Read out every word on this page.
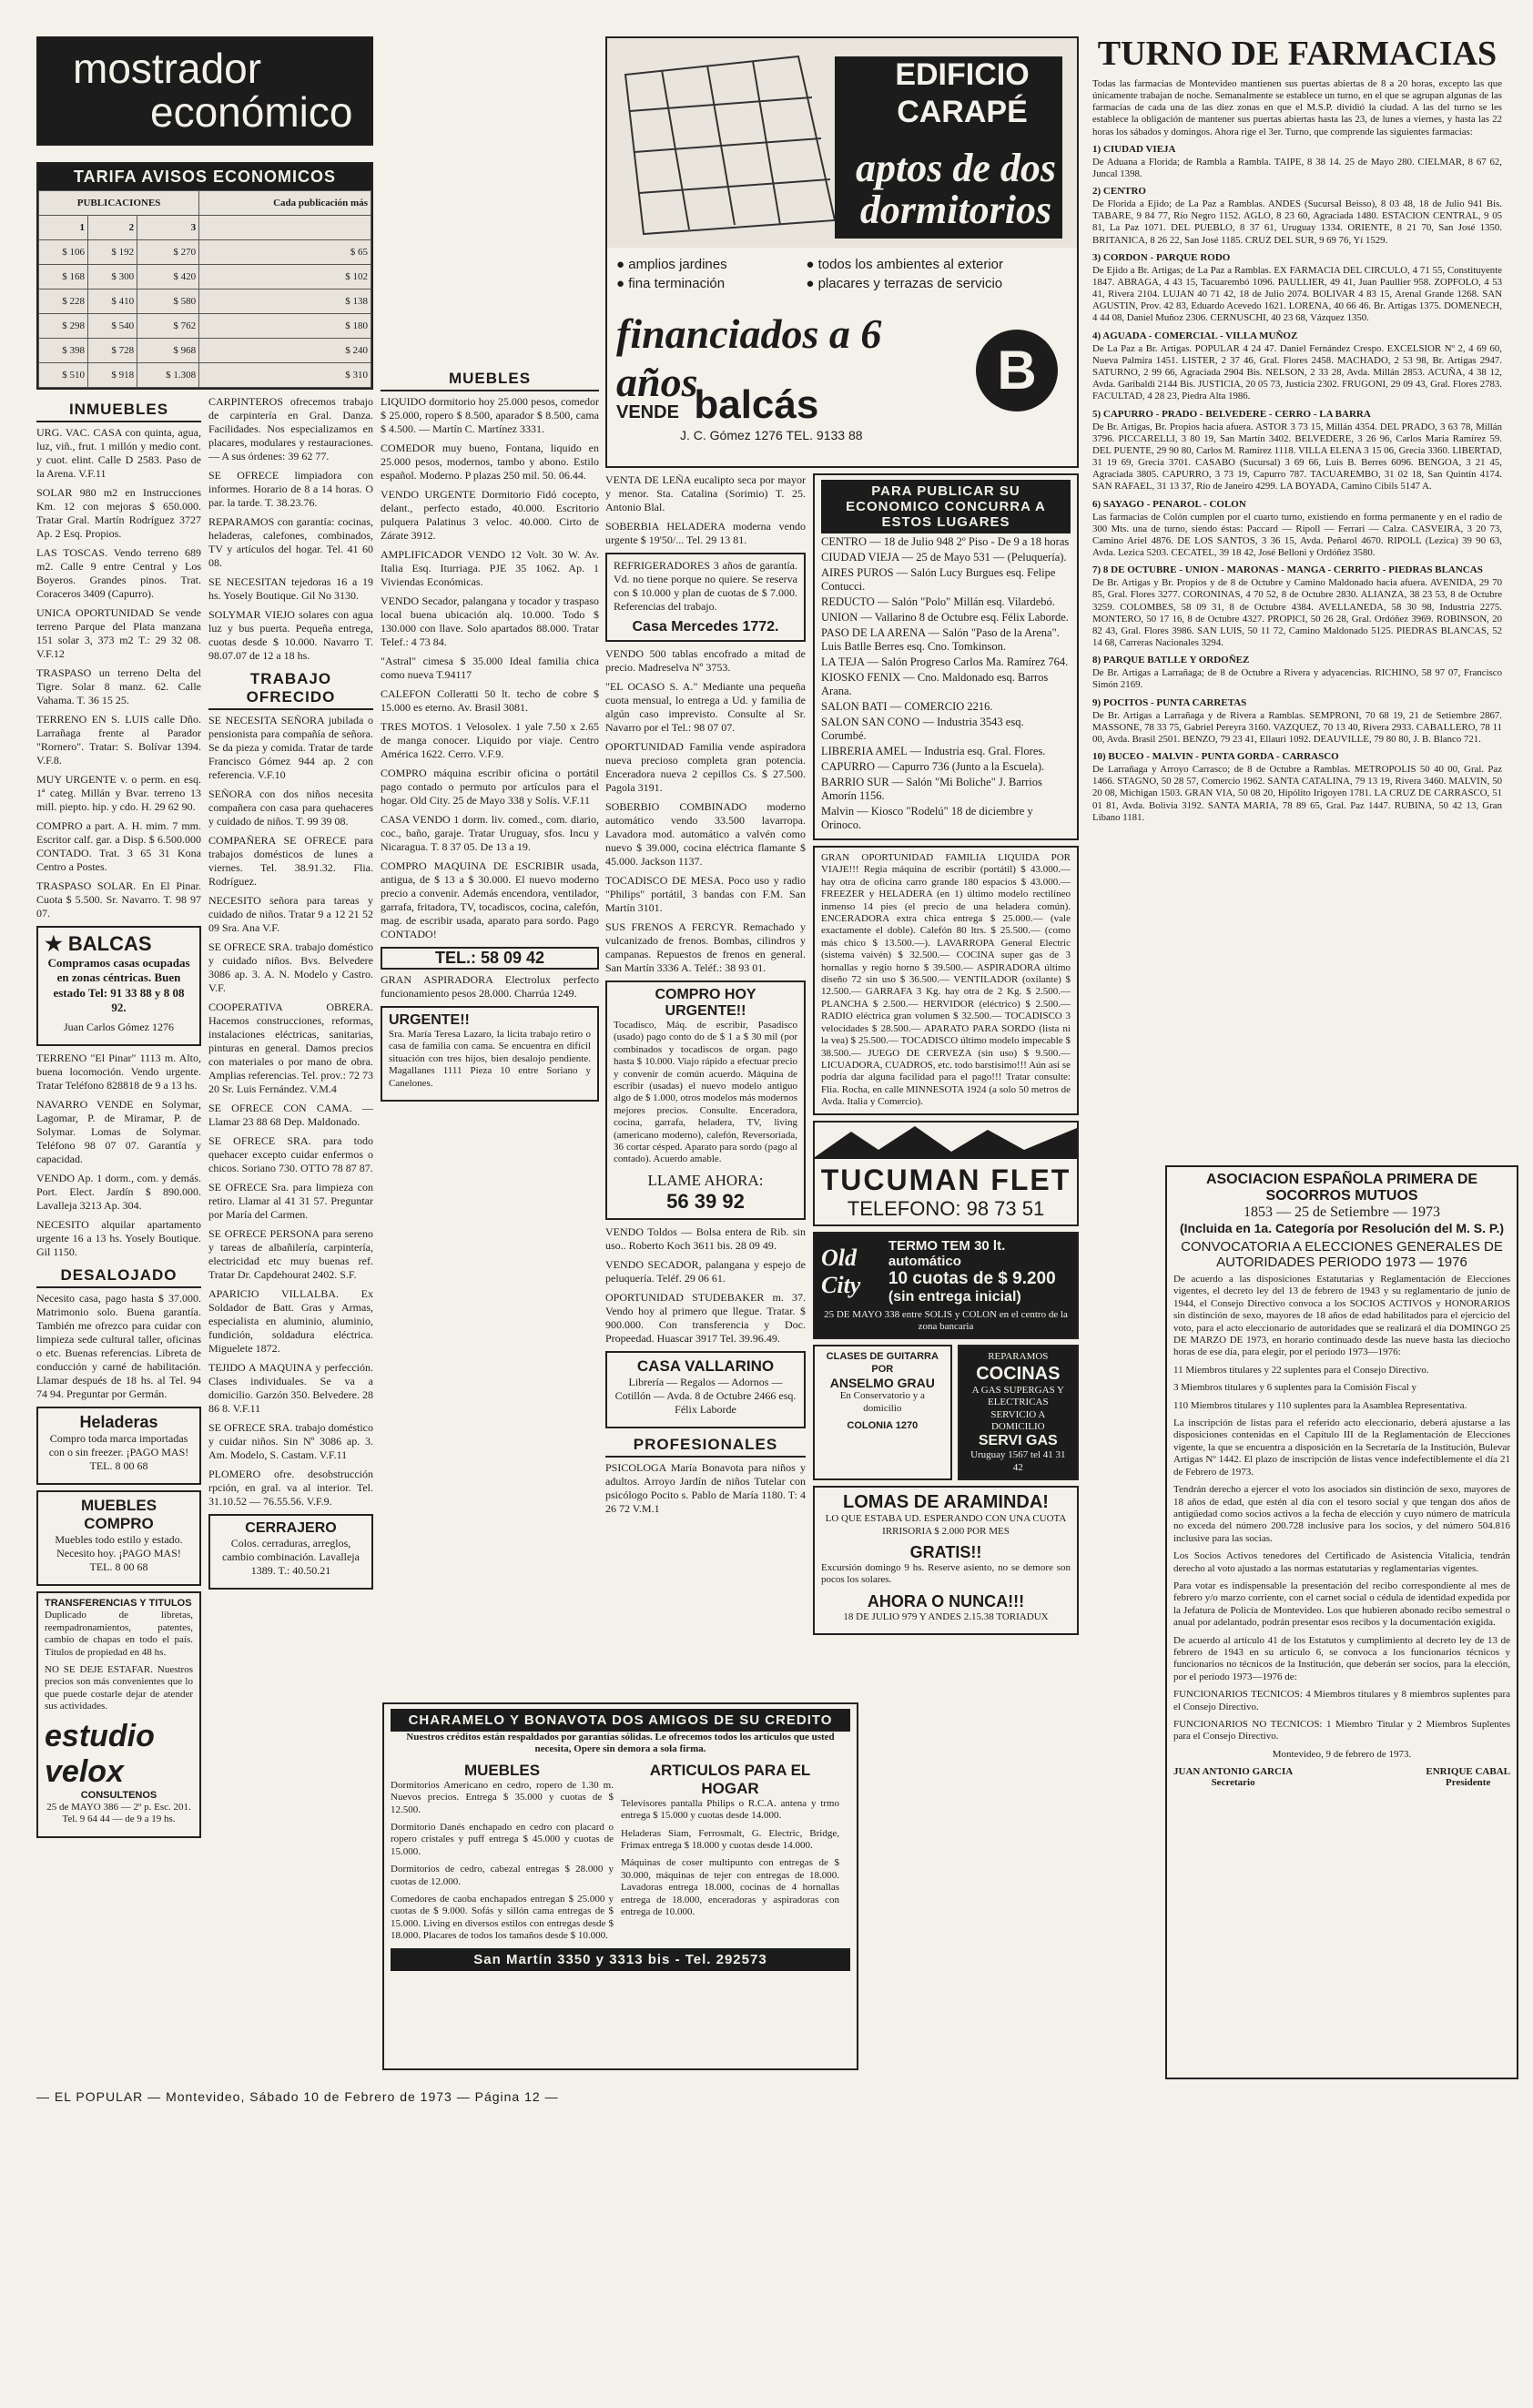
mostrador
económico
TARIFA AVISOS ECONOMICOS
PUBLICACIONES			Cada publicación más
1	2	3	
$ 106	$ 192	$ 270	$ 65
$ 168	$ 300	$ 420	$ 102
$ 228	$ 410	$ 580	$ 138
$ 298	$ 540	$ 762	$ 180
$ 398	$ 728	$ 968	$ 240
$ 510	$ 918	$ 1.308	$ 310
INMUEBLES

URG. VAC. CASA con quinta, agua, luz, viñ., frut. 1 millón y medio cont. y cuot. elint. Calle D 2583. Paso de la Arena. V.F.11

SOLAR 980 m2 en Instrucciones Km. 12 con mejoras $ 650.000. Tratar Gral. Martín Rodríguez 3727 Ap. 2 Esq. Propios.

LAS TOSCAS. Vendo terreno 689 m2. Calle 9 entre Central y Los Boyeros. Grandes pinos. Trat. Coraceros 3409 (Capurro).

UNICA OPORTUNIDAD Se vende terreno Parque del Plata manzana 151 solar 3, 373 m2 T.: 29 32 08. V.F.12

TRASPASO un terreno Delta del Tigre. Solar 8 manz. 62. Calle Vahama. T. 36 15 25.

TERRENO EN S. LUIS calle Dño. Larrañaga frente al Parador "Rornero". Tratar: S. Bolívar 1394. V.F.8.

MUY URGENTE v. o perm. en esq. 1ª categ. Millán y Bvar. terreno 13 mill. piepto. hip. y cdo. H. 29 62 90.

COMPRO a part. A. H. mim. 7 mm. Escritor calf. gar. a Disp. $ 6.500.000 CONTADO. Trat. 3 65 31 Kona Centro a Postes.

TRASPASO SOLAR. En El Pinar. Cuota $ 5.500. Sr. Navarro. T. 98 97 07.

★ BALCAS

Compramos casas ocupadas en zonas céntricas. Buen estado Tel: 91 33 88 y 8 08 92.

Juan Carlos Gómez 1276

TERRENO "El Pinar" 1113 m. Alto, buena locomoción. Vendo urgente. Tratar Teléfono 828818 de 9 a 13 hs.

NAVARRO VENDE en Solymar, Lagomar, P. de Miramar, P. de Solymar. Lomas de Solymar. Teléfono 98 07 07. Garantía y capacidad.

VENDO Ap. 1 dorm., com. y demás. Port. Elect. Jardín $ 890.000. Lavalleja 3213 Ap. 304.

NECESITO alquilar apartamento urgente 16 a 13 hs. Yosely Boutique. Gil 1150.

DESALOJADO

Necesito casa, pago hasta $ 37.000. Matrimonio solo. Buena garantía. También me ofrezco para cuidar con limpieza sede cultural taller, oficinas o etc. Buenas referencias. Libreta de conducción y carné de habilitación. Llamar después de 18 hs. al Tel. 94 74 94. Preguntar por Germán.

Heladeras

Compro toda marca importadas con o sin freezer. ¡PAGO MAS! TEL. 8 00 68

MUEBLES COMPRO

Muebles todo estilo y estado. Necesito hoy. ¡PAGO MAS! TEL. 8 00 68

TRANSFERENCIAS Y TITULOS

Duplicado de libretas, reempadronamientos, patentes, cambio de chapas en todo el país. Títulos de propiedad en 48 hs.

NO SE DEJE ESTAFAR. Nuestros precios son más convenientes que lo que puede costarle dejar de atender sus actividades.

estudio velox
CONSULTENOS

25 de MAYO 386 — 2º p. Esc. 201. Tel. 9 64 44 — de 9 a 19 hs.

CARPINTEROS ofrecemos trabajo de carpintería en Gral. Danza. Facilidades. Nos especializamos en placares, modulares y restauraciones. — A sus órdenes: 39 62 77.

SE OFRECE limpiadora con informes. Horario de 8 a 14 horas. O par. la tarde. T. 38.23.76.

REPARAMOS con garantía: cocinas, heladeras, calefones, combinados, TV y artículos del hogar. Tel. 41 60 08.

SE NECESITAN tejedoras 16 a 19 hs. Yosely Boutique. Gil No 3130.

SOLYMAR VIEJO solares con agua luz y bus puerta. Pequeña entrega, cuotas desde $ 10.000. Navarro T. 98.07.07 de 12 a 18 hs.

TRABAJO OFRECIDO

SE NECESITA SEÑORA jubilada o pensionista para compañía de señora. Se da pieza y comida. Tratar de tarde Francisco Gómez 944 ap. 2 con referencia. V.F.10

SEÑORA con dos niños necesita compañera con casa para quehaceres y cuidado de niños. T. 99 39 08.

COMPAÑERA SE OFRECE para trabajos domésticos de lunes a viernes. Tel. 38.91.32. Flia. Rodríguez.

NECESITO señora para tareas y cuidado de niños. Tratar 9 a 12 21 52 09 Sra. Ana V.F.

SE OFRECE SRA. trabajo doméstico y cuidado niños. Bvs. Belvedere 3086 ap. 3. A. N. Modelo y Castro. V.F.

COOPERATIVA OBRERA. Hacemos construcciones, reformas, instalaciones eléctricas, sanitarias, pinturas en general. Damos precios con materiales o por mano de obra. Amplias referencias. Tel. prov.: 72 73 20 Sr. Luis Fernández. V.M.4

SE OFRECE CON CAMA. — Llamar 23 88 68 Dep. Maldonado.

SE OFRECE SRA. para todo quehacer excepto cuidar enfermos o chicos. Soriano 730. OTTO 78 87 87.

SE OFRECE Sra. para limpieza con retiro. Llamar al 41 31 57. Preguntar por María del Carmen.

SE OFRECE PERSONA para sereno y tareas de albañilería, carpintería, electricidad etc muy buenas ref. Tratar Dr. Capdehourat 2402. S.F.

APARICIO VILLALBA. Ex Soldador de Batt. Gras y Armas, especialista en aluminio, aluminio, fundición, soldadura eléctrica. Miguelete 1872.

TEJIDO A MAQUINA y perfección. Clases individuales. Se va a domicilio. Garzón 350. Belvedere. 28 86 8. V.F.11

SE OFRECE SRA. trabajo doméstico y cuidar niños. Sin Nº 3086 ap. 3. Am. Modelo, S. Castam. V.F.11

PLOMERO ofre. desobstrucción rpción, en gral. va al interior. Tel. 31.10.52 — 76.55.56. V.F.9.

CERRAJERO

Colos. cerraduras, arreglos, cambio combinación. Lavalleja 1389. T.: 40.50.21

MUEBLES

LIQUIDO dormitorio hoy 25.000 pesos, comedor $ 25.000, ropero $ 8.500, aparador $ 8.500, cama $ 4.500. — Martín C. Martínez 3331.

COMEDOR muy bueno, Fontana, liquido en 25.000 pesos, modernos, tambo y abono. Estilo español. Moderno. P plazas 250 mil. 50. 06.44.

VENDO URGENTE Dormitorio Fidó cocepto, delant., perfecto estado, 40.000. Escritorio pulquera Palatinus 3 veloc. 40.000. Cirto de Zárate 3912.

AMPLIFICADOR VENDO 12 Volt. 30 W. Av. Italia Esq. Iturriaga. PJE 35 1062. Ap. 1 Viviendas Económicas.

VENDO Secador, palangana y tocador y traspaso local buena ubicación alq. 10.000. Todo $ 130.000 con llave. Solo apartados 88.000. Tratar Telef.: 4 73 84.

"Astral" cimesa $ 35.000 Ideal familia chica como nueva T.94117

CALEFON Colleratti 50 lt. techo de cobre $ 15.000 es eterno. Av. Brasil 3081.

TRES MOTOS. 1 Velosolex. 1 yale 7.50 x 2.65 de manga conocer. Liquido por viaje. Centro América 1622. Cerro. V.F.9.

COMPRO máquina escribir oficina o portátil pago contado o permuto por artículos para el hogar. Old City. 25 de Mayo 338 y Solís. V.F.11

CASA VENDO 1 dorm. liv. comed., com. diario, coc., baño, garaje. Tratar Uruguay, sfos. Incu y Nicaragua. T. 8 37 05. De 13 a 19.

COMPRO MAQUINA DE ESCRIBIR usada, antigua, de $ 13 a $ 30.000. El nuevo moderno precio a convenir. Además encendora, ventilador, garrafa, fritadora, TV, tocadiscos, cocina, calefón, mag. de escribir usada, aparato para sordo. Pago CONTADO!

TEL.: 58 09 42

GRAN ASPIRADORA Electrolux perfecto funcionamiento pesos 28.000. Charrúa 1249.

URGENTE!!

Sra. María Teresa Lazaro, la licita trabajo retiro o casa de familia con cama. Se encuentra en difícil situación con tres hijos, bien desalojo pendiente. Magallanes 1111 Pieza 10 entre Soriano y Canelones.

EDIFICIO
CARAPÉ
aptos de dos
dormitorios
● amplios jardines	● todos los ambientes al exterior
● fina terminación	● placares y terrazas de servicio
financiados a 6 años
VENDE balcás
J. C. Gómez 1276 TEL. 9133 88
B

VENTA DE LEÑA eucalipto seca por mayor y menor. Sta. Catalina (Sorimio) T. 25. Antonio Blal.

SOBERBIA HELADERA moderna vendo urgente $ 19'50/... Tel. 29 13 81.

REFRIGERADORES 3 años de garantía. Vd. no tiene porque no quiere. Se reserva con $ 10.000 y plan de cuotas de $ 7.000. Referencias del trabajo.

Casa Mercedes 1772.

VENDO 500 tablas encofrado a mitad de precio. Madreselva Nº 3753.

"EL OCASO S. A." Mediante una pequeña cuota mensual, lo entrega a Ud. y familia de algún caso imprevisto. Consulte al Sr. Navarro por el Tel.: 98 07 07.

OPORTUNIDAD Familia vende aspiradora nueva precioso completa gran potencia. Enceradora nueva 2 cepillos Cs. $ 27.500. Pagola 3191.

SOBERBIO COMBINADO moderno automático vendo 33.500 lavarropa. Lavadora mod. automático a valvén como nuevo $ 39.000, cocina eléctrica flamante $ 45.000. Jackson 1137.

TOCADISCO DE MESA. Poco uso y radio "Philips" portátil, 3 bandas con F.M. San Martín 3101.

SUS FRENOS A FERCYR. Remachado y vulcanizado de frenos. Bombas, cilindros y campanas. Repuestos de frenos en general. San Martín 3336 A. Teléf.: 38 93 01.

COMPRO HOY URGENTE!!

Tocadisco, Máq. de escribir, Pasadisco (usado) pago conto do de $ 1 a $ 30 mil (por combinados y tocadiscos de organ. pago hasta $ 10.000. Viajo rápido a efectuar precio y convenir de común acuerdo. Máquina de escribir (usadas) el nuevo modelo antiguo algo de $ 1.000, otros modelos más modernos mejores precios. Consulte. Enceradora, cocina, garrafa, heladera, TV, living (americano moderno), calefón, Reversoriada, 36 cortar césped. Aparato para sordo (pago al contado). Acuerdo amable.

LLAME AHORA:
56 39 92

VENDO Toldos — Bolsa entera de Rib. sin uso.. Roberto Koch 3611 bis. 28 09 49.

VENDO SECADOR, palangana y espejo de peluquería. Teléf. 29 06 61.

OPORTUNIDAD STUDEBAKER m. 37. Vendo hoy al primero que llegue. Tratar. $ 900.000. Con transferencia y Doc. Propeedad. Huascar 3917 Tel. 39.96.49.

CASA VALLARINO

Librería — Regalos — Adornos — Cotillón — Avda. 8 de Octubre 2466 esq. Félix Laborde

PROFESIONALES

PSICOLOGA María Bonavota para niños y adultos. Arroyo Jardín de niños Tutelar con psicólogo Pocito s. Pablo de María 1180. T: 4 26 72 V.M.1

PARA PUBLICAR SU ECONOMICO CONCURRA A ESTOS LUGARES

CENTRO — 18 de Julio 948 2º Piso - De 9 a 18 horas

CIUDAD VIEJA — 25 de Mayo 531 — (Peluquería).

AIRES PUROS — Salón Lucy Burgues esq. Felipe Contucci.

REDUCTO — Salón "Polo" Millán esq. Vilardebó.

UNION — Vallarino 8 de Octubre esq. Félix Laborde.

PASO DE LA ARENA — Salón "Paso de la Arena". Luis Batlle Berres esq. Cno. Tomkinson.

LA TEJA — Salón Progreso Carlos Ma. Ramírez 764.

KIOSKO FENIX — Cno. Maldonado esq. Barros Arana.

SALON BATI — COMERCIO 2216.

SALON SAN CONO — Industria 3543 esq. Corumbé.

LIBRERIA AMEL — Industria esq. Gral. Flores.

CAPURRO — Capurro 736 (Junto a la Escuela).

BARRIO SUR — Salón "Mi Boliche" J. Barrios Amorín 1156.

Malvin — Kiosco "Rodelú" 18 de diciembre y Orinoco.

GRAN OPORTUNIDAD FAMILIA LIQUIDA POR VIAJE!!! Regia máquina de escribir (portátil) $ 43.000.— hay otra de oficina carro grande 180 espacios $ 43.000.— FREEZER y HELADERA (en 1) último modelo rectilíneo inmenso 14 pies (el precio de una heladera común). ENCERADORA extra chica entrega $ 25.000.— (vale exactamente el doble). Calefón 80 ltrs. $ 25.500.— (como más chico $ 13.500.—). LAVARROPA General Electric (sistema vaivén) $ 32.500.— COCINA super gas de 3 hornallas y regio horno $ 39.500.— ASPIRADORA último diseño 72 sin uso $ 36.500.— VENTILADOR (oxilante) $ 12.500.— GARRAFA 3 Kg. hay otra de 2 Kg. $ 2.500.— PLANCHA $ 2.500.— HERVIDOR (eléctrico) $ 2.500.— RADIO eléctrica gran volumen $ 32.500.— TOCADISCO 3 velocidades $ 28.500.— APARATO PARA SORDO (lista ni la vea) $ 25.500.— TOCADISCO último modelo impecable $ 38.500.— JUEGO DE CERVEZA (sin uso) $ 9.500.— LICUADORA, CUADROS, etc. todo barstísimo!!! Aún así se podría dar alguna facilidad para el pago!!! Tratar consulte: Flia. Rocha, en calle MINNESOTA 1924 (a solo 50 metros de Avda. Italia y Comercio).

TUCUMAN FLET
TELEFONO: 98 73 51
Old City
TERMO TEM 30 lt. automático
10 cuotas de $ 9.200
(sin entrega inicial)

25 DE MAYO 338 entre SOLIS y COLON en el centro de la zona bancaria

CLASES DE GUITARRA POR
ANSELMO GRAU

En Conservatorio y a domicilio

COLONIA 1270
REPARAMOS
COCINAS
A GAS SUPERGAS Y ELECTRICAS
SERVICIO A DOMICILIO
SERVI GAS
Uruguay 1567 tel 41 31 42
LOMAS DE ARAMINDA!

LO QUE ESTABA UD. ESPERANDO CON UNA CUOTA IRRISORIA $ 2.000 POR MES

GRATIS!!

Excursión domingo 9 hs. Reserve asiento, no se demore son pocos los solares.

AHORA O NUNCA!!!

18 DE JULIO 979 Y ANDES 2.15.38 TORIADUX

CHARAMELO Y BONAVOTA DOS AMIGOS DE SU CREDITO

Nuestros créditos están respaldados por garantías sólidas. Le ofrecemos todos los artículos que usted necesita, Opere sin demora a sola firma.

MUEBLES

Dormitorios Americano en cedro, ropero de 1.30 m. Nuevos precios. Entrega $ 35.000 y cuotas de $ 12.500.

Dormitorio Danés enchapado en cedro con placard o ropero cristales y puff entrega $ 45.000 y cuotas de 15.000.

Dormitorios de cedro, cabezal entregas $ 28.000 y cuotas de 12.000.

Comedores de caoba enchapados entregan $ 25.000 y cuotas de $ 9.000. Sofás y sillón cama entregas de $ 15.000. Living en diversos estilos con entregas desde $ 18.000. Placares de todos los tamaños desde $ 10.000.

ARTICULOS PARA EL HOGAR

Televisores pantalla Philips o R.C.A. antena y trmo entrega $ 15.000 y cuotas desde 14.000.

Heladeras Siam, Ferrosmalt, G. Electric, Bridge, Frimax entrega $ 18.000 y cuotas desde 14.000.

Máquinas de coser multipunto con entregas de $ 30.000, máquinas de tejer con entregas de 18.000. Lavadoras entrega 18.000, cocinas de 4 hornallas entrega de 18.000, enceradoras y aspiradoras con entrega de 10.000.

San Martín 3350 y 3313 bis - Tel. 292573
TURNO DE FARMACIAS

Todas las farmacias de Montevideo mantienen sus puertas abiertas de 8 a 20 horas, excepto las que únicamente trabajan de noche. Semanalmente se establece un turno, en el que se agrupan algunas de las farmacias de cada una de las diez zonas en que el M.S.P. dividió la ciudad. A las del turno se les establece la obligación de mantener sus puertas abiertas hasta las 23, de lunes a viernes, y hasta las 22 horas los sábados y domingos. Ahora rige el 3er. Turno, que comprende las siguientes farmacias:

1) CIUDAD VIEJA

De Aduana a Florida; de Rambla a Rambla. TAIPE, 8 38 14. 25 de Mayo 280. CIELMAR, 8 67 62, Juncal 1398.

2) CENTRO

De Florida a Ejido; de La Paz a Ramblas. ANDES (Sucursal Beisso), 8 03 48, 18 de Julio 941 Bis. TABARE, 9 84 77, Río Negro 1152. AGLO, 8 23 60, Agraciada 1480. ESTACION CENTRAL, 9 05 81, La Paz 1071. DEL PUEBLO, 8 37 61, Uruguay 1334. ORIENTE, 8 21 70, San José 1350. BRITANICA, 8 26 22, San José 1185. CRUZ DEL SUR, 9 69 76, Yí 1529.

3) CORDON - PARQUE RODO

De Ejido a Br. Artigas; de La Paz a Ramblas. EX FARMACIA DEL CIRCULO, 4 71 55, Constituyente 1847. ABRAGA, 4 43 15, Tacuarembó 1096. PAULLIER, 49 41, Juan Paullier 958. ZOPFOLO, 4 53 41, Rivera 2104. LUJAN 40 71 42, 18 de Julio 2074. BOLIVAR 4 83 15, Arenal Grande 1268. SAN AGUSTIN, Prov. 42 83, Eduardo Acevedo 1621. LORENA, 40 66 46. Br. Artigas 1375. DOMENECH, 4 44 08, Daniel Muñoz 2306. CERNUSCHI, 40 23 68, Vázquez 1350.

4) AGUADA - COMERCIAL - VILLA MUÑOZ

De La Paz a Br. Artigas. POPULAR 4 24 47. Daniel Fernández Crespo. EXCELSIOR Nº 2, 4 69 60, Nueva Palmira 1451. LISTER, 2 37 46, Gral. Flores 2458. MACHADO, 2 53 98, Br. Artigas 2947. SATURNO, 2 99 66, Agraciada 2904 Bis. NELSON, 2 33 28, Avda. Millán 2853. ACUÑA, 4 38 12, Avda. Garibaldi 2144 Bis. JUSTICIA, 20 05 73, Justicia 2302. FRUGONI, 29 09 43, Gral. Flores 2783. FACULTAD, 4 28 23, Piedra Alta 1986.

5) CAPURRO - PRADO - BELVEDERE - CERRO - LA BARRA

De Br. Artigas, Br. Propios hacia afuera. ASTOR 3 73 15, Millán 4354. DEL PRADO, 3 63 78, Millán 3796. PICCARELLI, 3 80 19, San Martín 3402. BELVEDERE, 3 26 96, Carlos María Ramírez 59. DEL PUENTE, 29 90 80, Carlos M. Ramírez 1118. VILLA ELENA 3 15 06, Grecia 3360. LIBERTAD, 31 19 69, Grecia 3701. CASABO (Sucursal) 3 69 66, Luis B. Berres 6096. BENGOA, 3 21 45, Agraciada 3805. CAPURRO, 3 73 19, Capurro 787. TACUAREMBO, 31 02 18, San Quintín 4174. SAN RAFAEL, 31 13 37, Río de Janeiro 4299. LA BOYADA, Camino Cibils 5147 A.

6) SAYAGO - PENAROL - COLON

Las farmacias de Colón cumplen por el cuarto turno, existiendo en forma permanente y en el radio de 300 Mts. una de turno, siendo éstas: Paccard — Ripoll — Ferrari — Calza. CASVEIRA, 3 20 73, Camino Ariel 4876. DE LOS SANTOS, 3 36 15, Avda. Peñarol 4670. RIPOLL (Lezica) 39 90 63, Avda. Lezica 5203. CECATEL, 39 18 42, José Belloni y Ordóñez 3580.

7) 8 DE OCTUBRE - UNION - MARONAS - MANGA - CERRITO - PIEDRAS BLANCAS

De Br. Artigas y Br. Propios y de 8 de Octubre y Camino Maldonado hacia afuera. AVENIDA, 29 70 85, Gral. Flores 3277. CORONINAS, 4 70 52, 8 de Octubre 2830. ALIANZA, 38 23 53, 8 de Octubre 3259. COLOMBES, 58 09 31, 8 de Octubre 4384. AVELLANEDA, 58 30 98, Industria 2275. MONTERO, 50 17 16, 8 de Octubre 4327. PROPICI, 50 26 28, Gral. Ordóñez 3969. ROBINSON, 20 82 43, Gral. Flores 3986. SAN LUIS, 50 11 72, Camino Maldonado 5125. PIEDRAS BLANCAS, 52 14 68, Carreras Nacionales 3294.

8) PARQUE BATLLE Y ORDOÑEZ

De Br. Artigas a Larrañaga; de 8 de Octubre a Rivera y adyacencias. RICHINO, 58 97 07, Francisco Simón 2169.

9) POCITOS - PUNTA CARRETAS

De Br. Artigas a Larrañaga y de Rivera a Ramblas. SEMPRONI, 70 68 19, 21 de Setiembre 2867. MASSONE, 78 33 75, Gabriel Pereyra 3160. VAZQUEZ, 70 13 40, Rivera 2933. CABALLERO, 78 11 00, Avda. Brasil 2501. BENZO, 79 23 41, Ellauri 1092. DEAUVILLE, 79 80 80, J. B. Blanco 721.

10) BUCEO - MALVIN - PUNTA GORDA - CARRASCO

De Larrañaga y Arroyo Carrasco; de 8 de Octubre a Ramblas. METROPOLIS 50 40 00, Gral. Paz 1466. STAGNO, 50 28 57, Comercio 1962. SANTA CATALINA, 79 13 19, Rivera 3460. MALVIN, 50 20 08, Michigan 1503. GRAN VIA, 50 08 20, Hipólito Irigoyen 1781. LA CRUZ DE CARRASCO, 51 01 81, Avda. Bolivia 3192. SANTA MARIA, 78 89 65, Gral. Paz 1447. RUBINA, 50 42 13, Gran Líbano 1181.

ASOCIACION ESPAÑOLA PRIMERA DE SOCORROS MUTUOS
1853 — 25 de Setiembre — 1973
(Incluida en 1a. Categoría por Resolución del M. S. P.)
CONVOCATORIA A ELECCIONES GENERALES DE AUTORIDADES PERIODO 1973 — 1976

De acuerdo a las disposiciones Estatutarias y Reglamentación de Elecciones vigentes, el decreto ley del 13 de febrero de 1943 y su reglamentario de junio de 1944, el Consejo Directivo convoca a los SOCIOS ACTIVOS y HONORARIOS sin distinción de sexo, mayores de 18 años de edad habilitados para el ejercicio del voto, para el acto eleccionario de autoridades que se realizará el día DOMINGO 25 DE MARZO DE 1973, en horario continuado desde las nueve hasta las dieciocho horas de ese día, para elegir, por el período 1973—1976:

11 Miembros titulares y 22 suplentes para el Consejo Directivo.

3 Miembros titulares y 6 suplentes para la Comisión Fiscal y

110 Miembros titulares y 110 suplentes para la Asamblea Representativa.

La inscripción de listas para el referido acto eleccionario, deberá ajustarse a las disposiciones contenidas en el Capítulo III de la Reglamentación de Elecciones vigente, la que se encuentra a disposición en la Secretaría de la Institución, Bulevar Artigas Nº 1442. El plazo de inscripción de listas vence indefectiblemente el día 21 de Febrero de 1973.

Tendrán derecho a ejercer el voto los asociados sin distinción de sexo, mayores de 18 años de edad, que estén al día con el tesoro social y que tengan dos años de antigüedad como socios activos a la fecha de elección y cuyo número de matrícula no exceda del número 200.728 inclusive para los socios, y del número 504.816 inclusive para las socias.

Los Socios Activos tenedores del Certificado de Asistencia Vitalicia, tendrán derecho al voto ajustado a las normas estatutarias y reglamentarias vigentes.

Para votar es indispensable la presentación del recibo correspondiente al mes de febrero y/o marzo corriente, con el carnet social o cédula de identidad expedida por la Jefatura de Policía de Montevideo. Los que hubieren abonado recibo semestral o anual por adelantado, podrán presentar esos recibos y la documentación exigida.

De acuerdo al artículo 41 de los Estatutos y cumplimiento al decreto ley de 13 de febrero de 1943 en su artículo 6, se convoca a los funcionarios técnicos y funcionarios no técnicos de la Institución, que deberán ser socios, para la elección, por el período 1973—1976 de:

FUNCIONARIOS TECNICOS: 4 Miembros titulares y 8 miembros suplentes para el Consejo Directivo.

FUNCIONARIOS NO TECNICOS: 1 Miembro Titular y 2 Miembros Suplentes para el Consejo Directivo.

Montevideo, 9 de febrero de 1973.

JUAN ANTONIO GARCIA
Secretario
ENRIQUE CABAL
Presidente
— EL POPULAR — Montevideo, Sábado 10 de Febrero de 1973 — Página 12 —
